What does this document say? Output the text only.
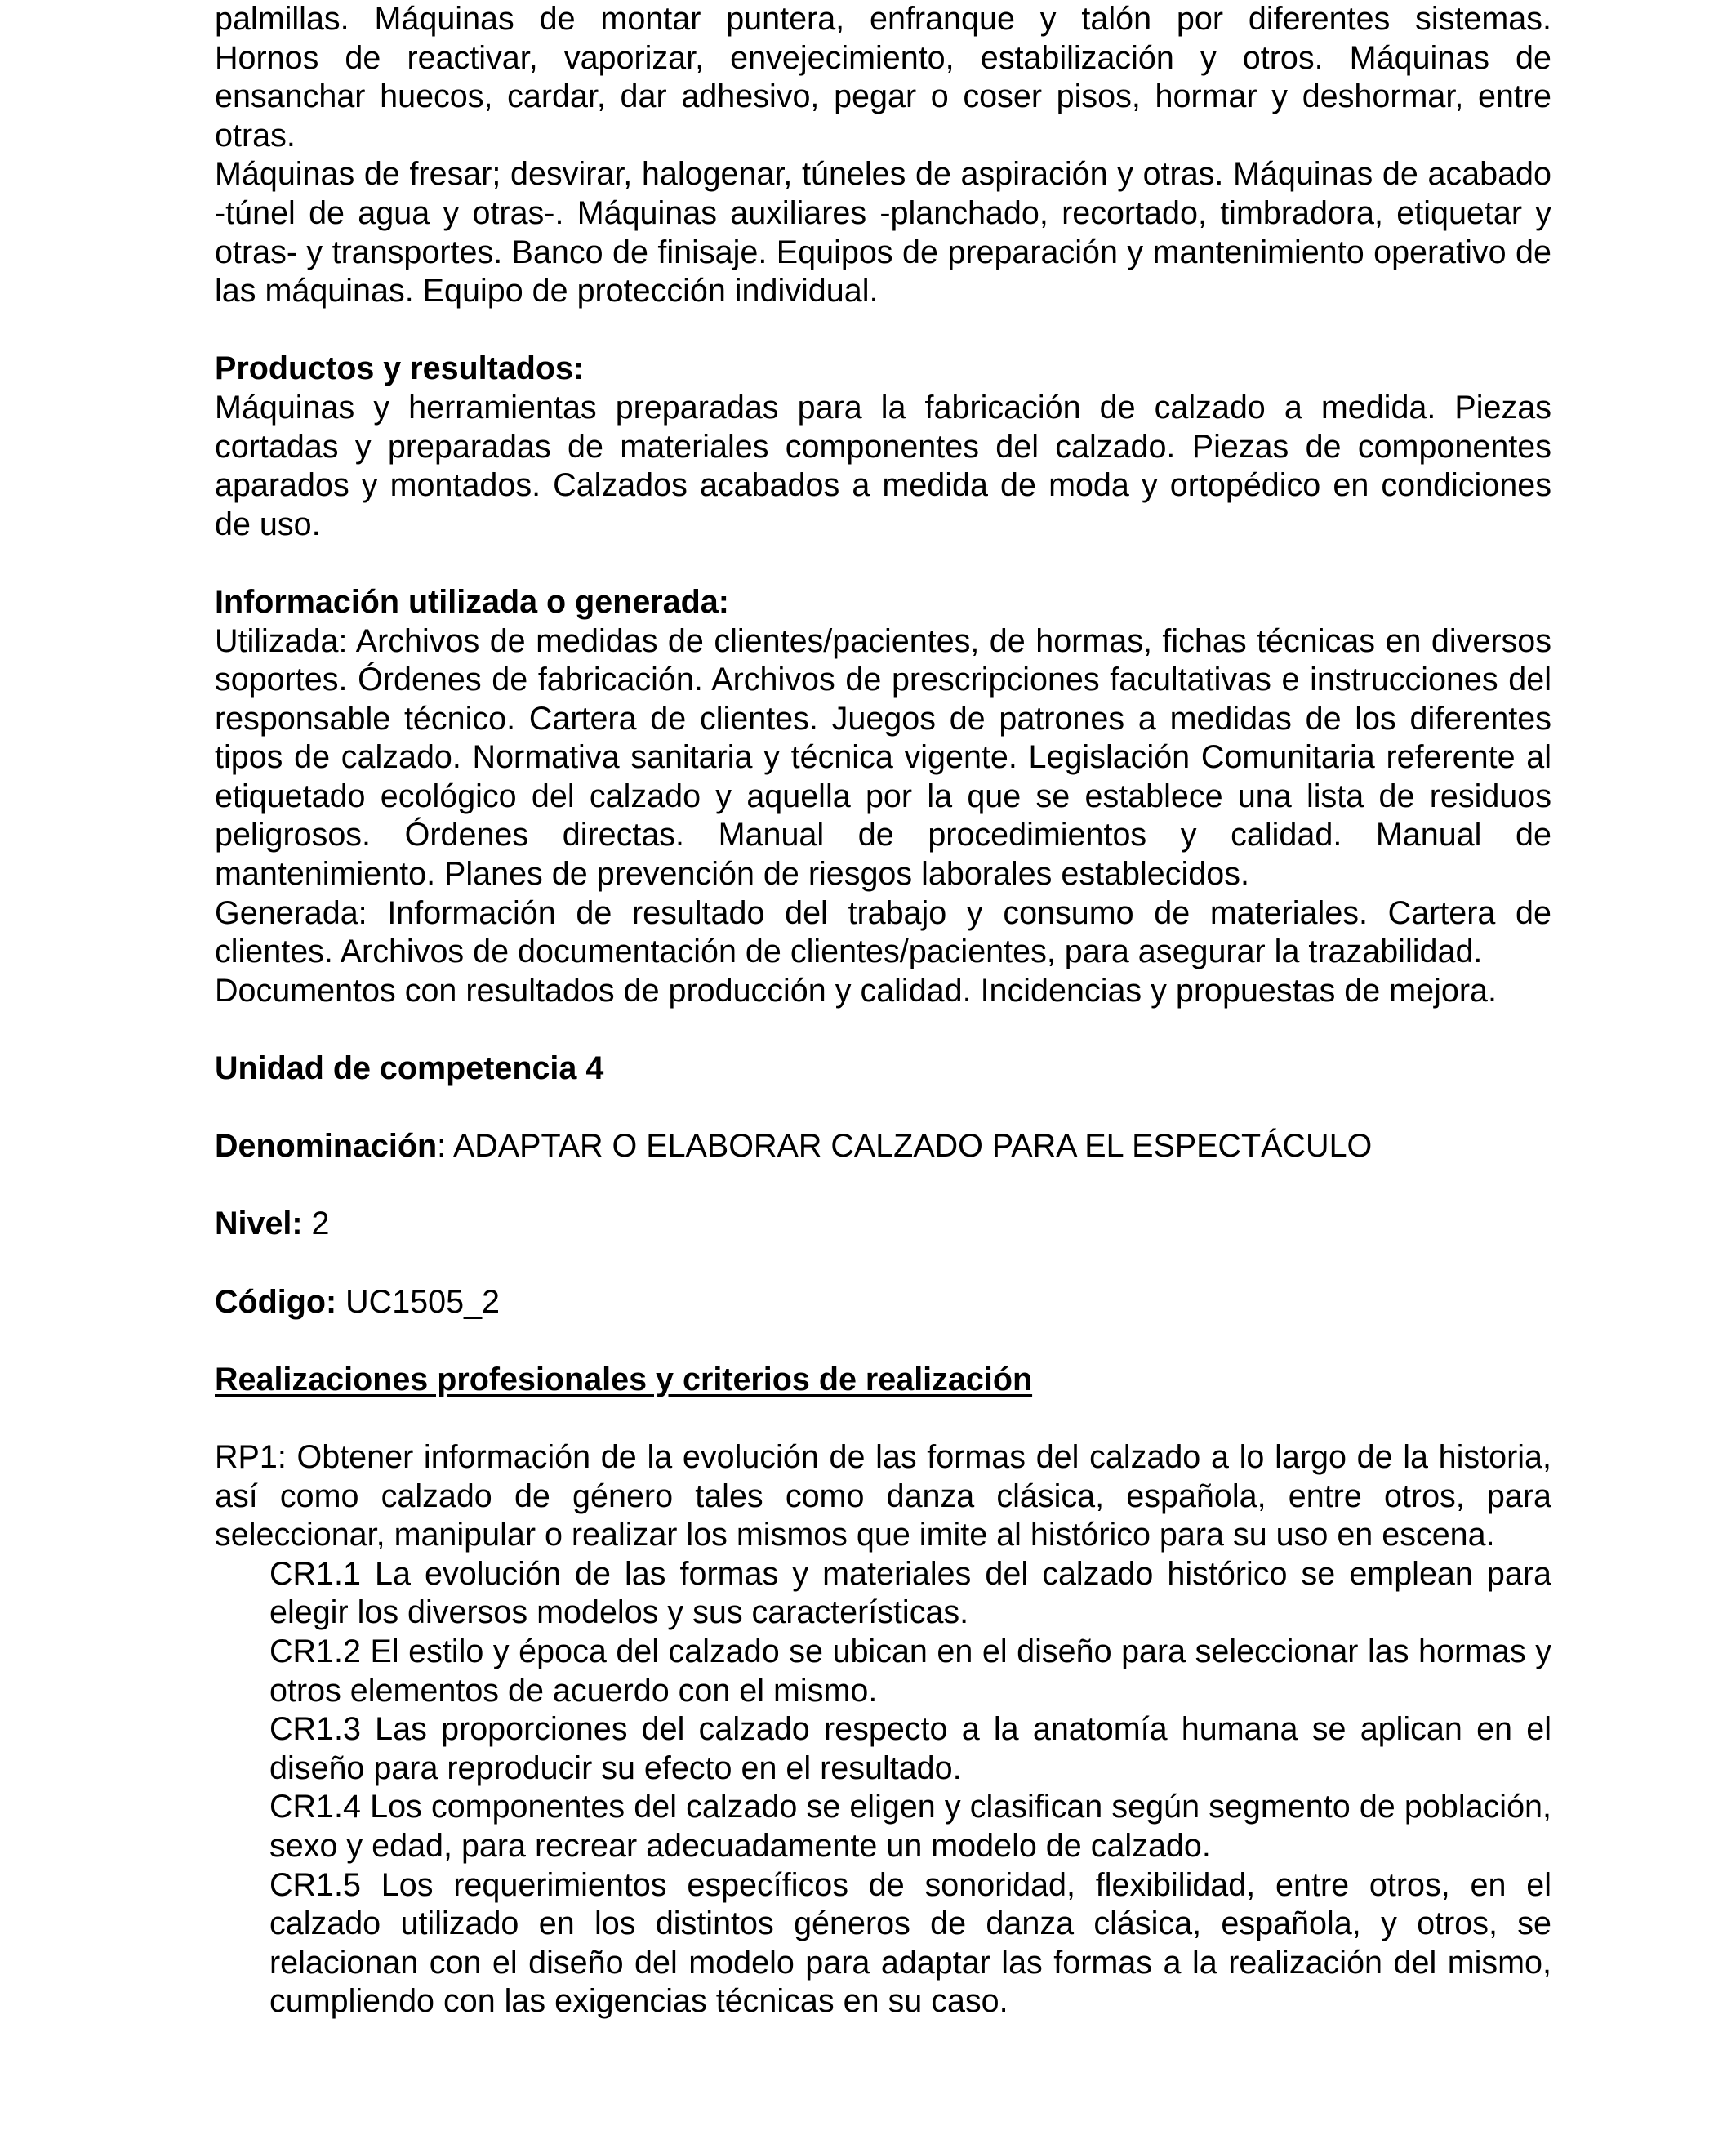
palmillas. Máquinas de montar puntera, enfranque y talón por diferentes sistemas.

Hornos de reactivar, vaporizar, envejecimiento, estabilización y otros. Máquinas de

ensanchar huecos, cardar, dar adhesivo, pegar o coser pisos, hormar y deshormar, entre

otras.

Máquinas de fresar; desvirar, halogenar, túneles de aspiración y otras. Máquinas de acabado -túnel de agua y otras-. Máquinas auxiliares -planchado, recortado, timbradora, etiquetar y otras- y transportes. Banco de finisaje. Equipos de preparación y mantenimiento operativo de las máquinas. Equipo de protección individual.

Productos y resultados:

Máquinas y herramientas preparadas para la fabricación de calzado a medida. Piezas cortadas y preparadas de materiales componentes del calzado. Piezas de componentes aparados y montados. Calzados acabados a medida de moda y ortopédico en condiciones de uso.

Información utilizada o generada:

Utilizada: Archivos de medidas de clientes/pacientes, de hormas, fichas técnicas en diversos soportes. Órdenes de fabricación. Archivos de prescripciones facultativas e instrucciones del responsable técnico. Cartera de clientes. Juegos de patrones a medidas de los diferentes tipos de calzado. Normativa sanitaria y técnica vigente. Legislación Comunitaria referente al etiquetado ecológico del calzado y aquella por la que se establece una lista de residuos peligrosos. Órdenes directas. Manual de procedimientos y calidad. Manual de mantenimiento. Planes de prevención de riesgos laborales establecidos.

Generada: Información de resultado del trabajo y consumo de materiales. Cartera de

clientes. Archivos de documentación de clientes/pacientes, para asegurar la trazabilidad.

Documentos con resultados de producción y calidad. Incidencias y propuestas de mejora.

Unidad de competencia 4

Denominación: ADAPTAR O ELABORAR CALZADO PARA EL ESPECTÁCULO

Nivel: 2

Código: UC1505_2

Realizaciones profesionales y criterios de realización

RP1: Obtener información de la evolución de las formas del calzado a lo largo de la historia, así como calzado de género tales como danza clásica, española, entre otros, para seleccionar, manipular o realizar los mismos que imite al histórico para su uso en escena.

CR1.1 La evolución de las formas y materiales del calzado histórico se emplean para elegir los diversos modelos y sus características.

CR1.2 El estilo y época del calzado se ubican en el diseño para seleccionar las hormas y otros elementos de acuerdo con el mismo.

CR1.3 Las proporciones del calzado respecto a la anatomía humana se aplican en el diseño para reproducir su efecto en el resultado.

CR1.4 Los componentes del calzado se eligen y clasifican según segmento de población, sexo y edad, para recrear adecuadamente un modelo de calzado.

CR1.5 Los requerimientos específicos de sonoridad, flexibilidad, entre otros, en el calzado utilizado en los distintos géneros de danza clásica, española, y otros, se relacionan con el diseño del modelo para adaptar las formas a la realización del mismo, cumpliendo con las exigencias técnicas en su caso.
